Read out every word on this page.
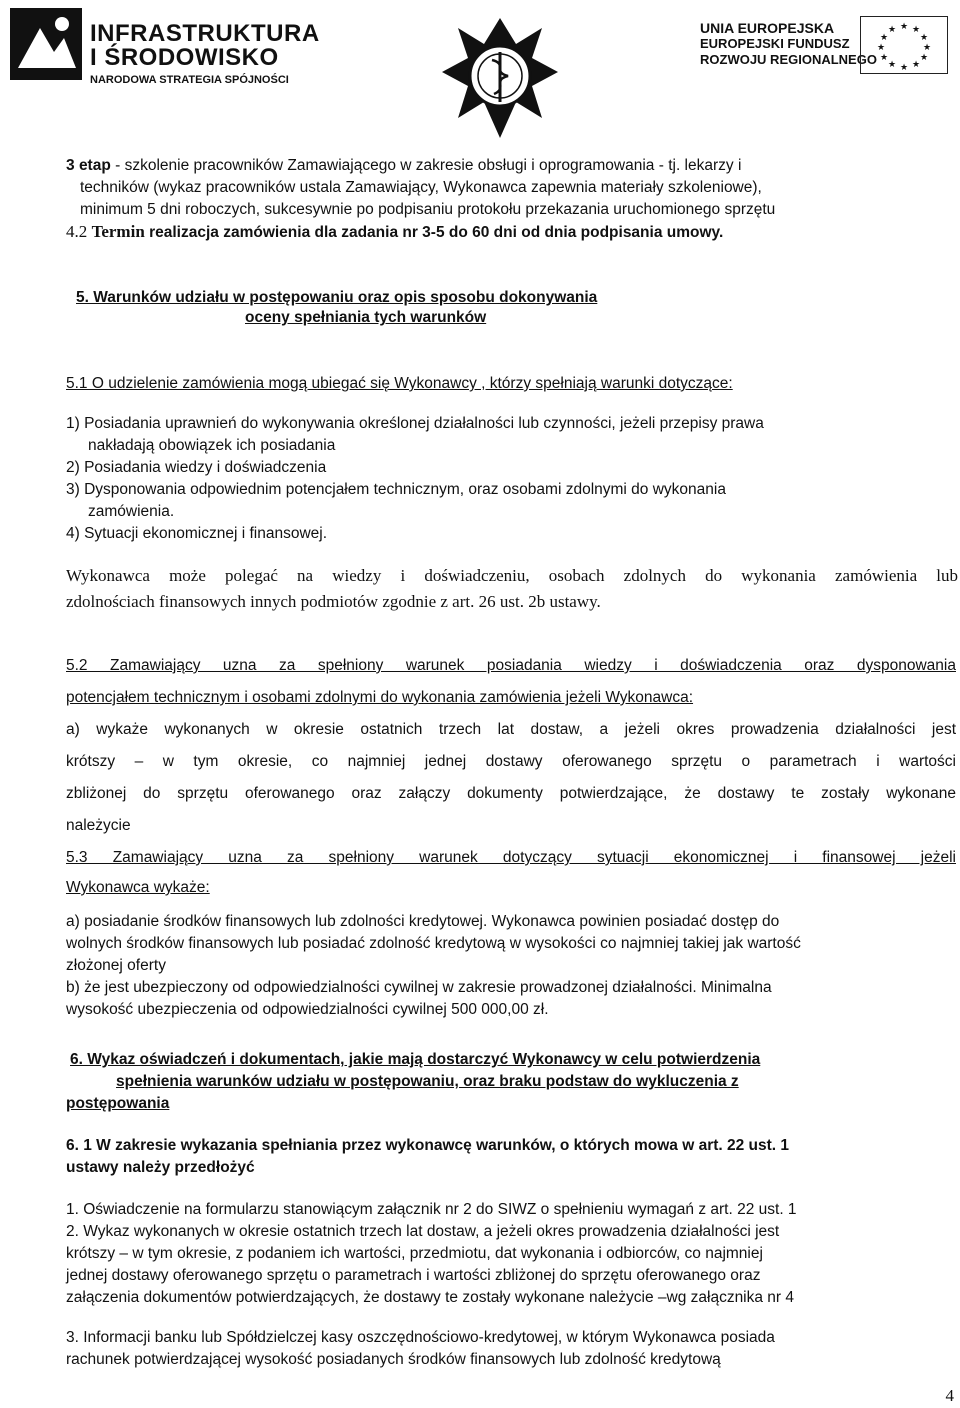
INFRASTRUKTURA
I ŚRODOWISKO
NARODOWA STRATEGIA SPÓJNOŚCI
UNIA EUROPEJSKA
EUROPEJSKI FUNDUSZ
ROZWOJU REGIONALNEGO
★ ★
★
★
★
★
★
★
★
★
★
★
3 etap - szkolenie pracowników Zamawiającego w zakresie obsługi i oprogramowania - tj. lekarzy i
techników (wykaz pracowników ustala Zamawiający, Wykonawca zapewnia materiały szkoleniowe),
minimum 5 dni roboczych, sukcesywnie po podpisaniu protokołu przekazania uruchomionego sprzętu
4.2 Termin realizacja zamówienia dla zadania nr 3-5 do 60 dni od dnia podpisania umowy.
5. Warunków udziału w postępowaniu oraz opis sposobu dokonywania
oceny spełniania tych warunków
5.1 O udzielenie zamówienia mogą ubiegać się Wykonawcy , którzy spełniają warunki dotyczące:
1) Posiadania uprawnień do wykonywania określonej działalności lub czynności, jeżeli przepisy prawa
nakładają obowiązek ich posiadania
2) Posiadania wiedzy i doświadczenia
3) Dysponowania odpowiednim potencjałem technicznym, oraz osobami zdolnymi do wykonania
zamówienia.
4) Sytuacji ekonomicznej i finansowej.
Wykonawca może polegać na wiedzy i doświadczeniu, osobach zdolnych do wykonania zamówienia lub
zdolnościach finansowych innych podmiotów zgodnie z art. 26 ust. 2b ustawy.
5.2 Zamawiający uzna za spełniony warunek posiadania wiedzy i doświadczenia oraz dysponowania
potencjałem technicznym i osobami zdolnymi do wykonania zamówienia jeżeli Wykonawca:
a) wykaże wykonanych w okresie ostatnich trzech lat dostaw, a jeżeli okres prowadzenia działalności jest
krótszy – w tym okresie, co najmniej jednej dostawy oferowanego sprzętu o parametrach i wartości
zbliżonej do sprzętu oferowanego oraz załączy dokumenty potwierdzające, że dostawy te zostały wykonane
należycie
5.3 Zamawiający uzna za spełniony warunek dotyczący sytuacji ekonomicznej i finansowej jeżeli
Wykonawca wykaże:
a) posiadanie środków finansowych lub zdolności kredytowej. Wykonawca powinien posiadać dostęp do
wolnych środków finansowych lub posiadać zdolność kredytową w wysokości co najmniej takiej jak wartość
złożonej oferty
b) że jest ubezpieczony od odpowiedzialności cywilnej w zakresie prowadzonej działalności. Minimalna
wysokość ubezpieczenia od odpowiedzialności cywilnej 500 000,00 zł.
6. Wykaz oświadczeń i dokumentach, jakie mają dostarczyć Wykonawcy w celu potwierdzenia
spełnienia warunków udziału w postępowaniu, oraz braku podstaw do wykluczenia z
postępowania
6. 1 W zakresie wykazania spełniania przez wykonawcę warunków, o których mowa w art. 22 ust. 1
ustawy należy przedłożyć
1. Oświadczenie na formularzu stanowiącym załącznik nr 2 do SIWZ o spełnieniu wymagań z art. 22 ust. 1
2. Wykaz wykonanych w okresie ostatnich trzech lat dostaw, a jeżeli okres prowadzenia działalności jest
krótszy – w tym okresie, z podaniem ich wartości, przedmiotu, dat wykonania i odbiorców, co najmniej
jednej dostawy oferowanego sprzętu o parametrach i wartości zbliżonej do sprzętu oferowanego oraz
załączenia dokumentów potwierdzających, że dostawy te zostały wykonane należycie –wg załącznika nr 4
3. Informacji banku lub Spółdzielczej kasy oszczędnościowo-kredytowej, w którym Wykonawca posiada
rachunek potwierdzającej wysokość posiadanych środków finansowych lub zdolność kredytową
4
